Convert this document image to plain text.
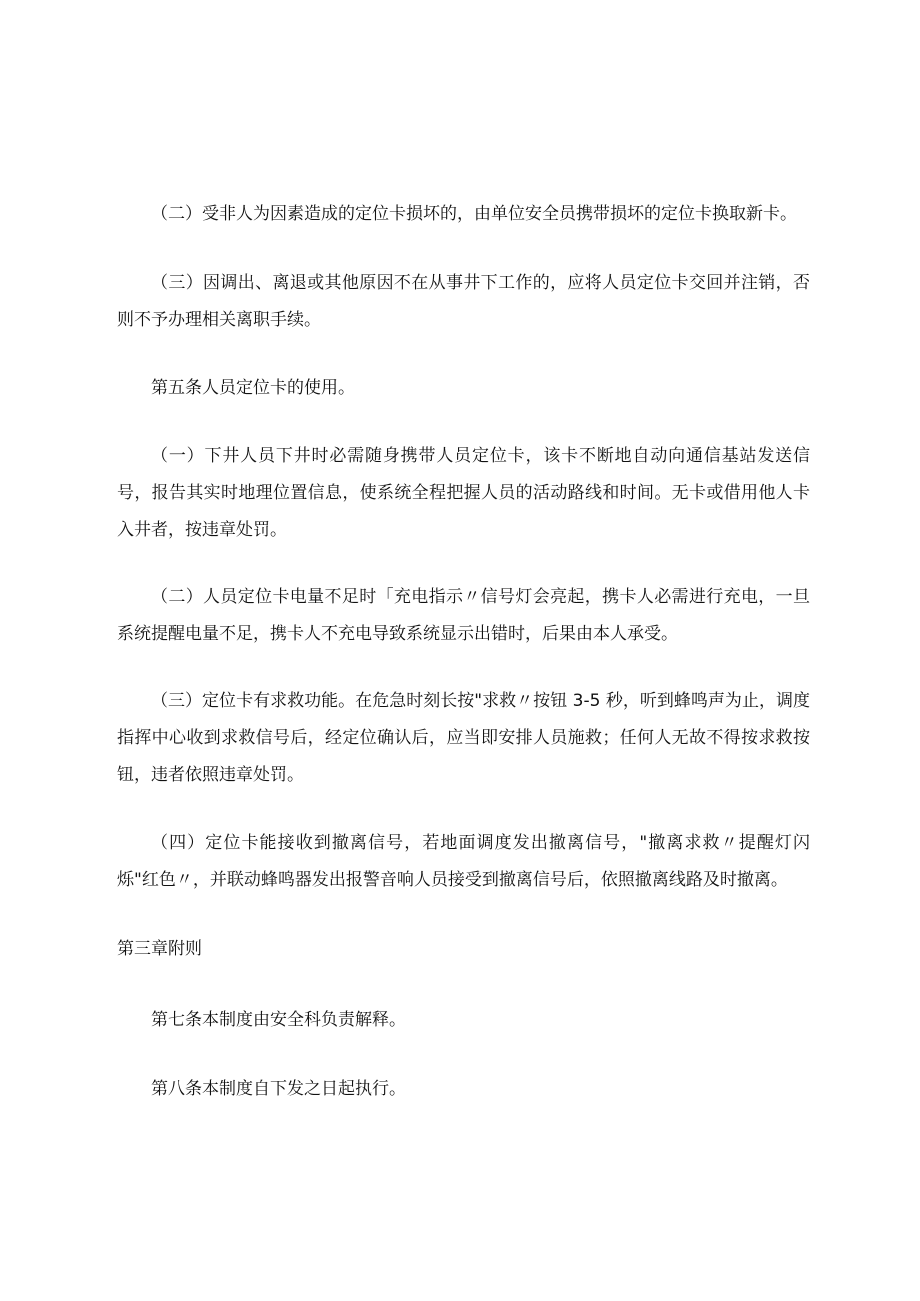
（二）受非人为因素造成的定位卡损坏的，由单位安全员携带损坏的定位卡换取新卡。

（三）因调出、离退或其他原因不在从事井下工作的，应将人员定位卡交回并注销，否则不予办理相关离职手续。

第五条人员定位卡的使用。

（一）下井人员下井时必需随身携带人员定位卡，该卡不断地自动向通信基站发送信号，报告其实时地理位置信息，使系统全程把握人员的活动路线和时间。无卡或借用他人卡入井者，按违章处罚。

（二）人员定位卡电量不足时「充电指示〃信号灯会亮起，携卡人必需进行充电，一旦系统提醒电量不足，携卡人不充电导致系统显示出错时，后果由本人承受。

（三）定位卡有求救功能。在危急时刻长按"求救〃按钮 3-5 秒，听到蜂鸣声为止，调度指挥中心收到求救信号后，经定位确认后，应当即安排人员施救；任何人无故不得按求救按钮，违者依照违章处罚。

（四）定位卡能接收到撤离信号，若地面调度发出撤离信号，"撤离求救〃提醒灯闪烁"红色〃，并联动蜂鸣器发出报警音响人员接受到撤离信号后，依照撤离线路及时撤离。

第三章附则

第七条本制度由安全科负责解释。

第八条本制度自下发之日起执行。
